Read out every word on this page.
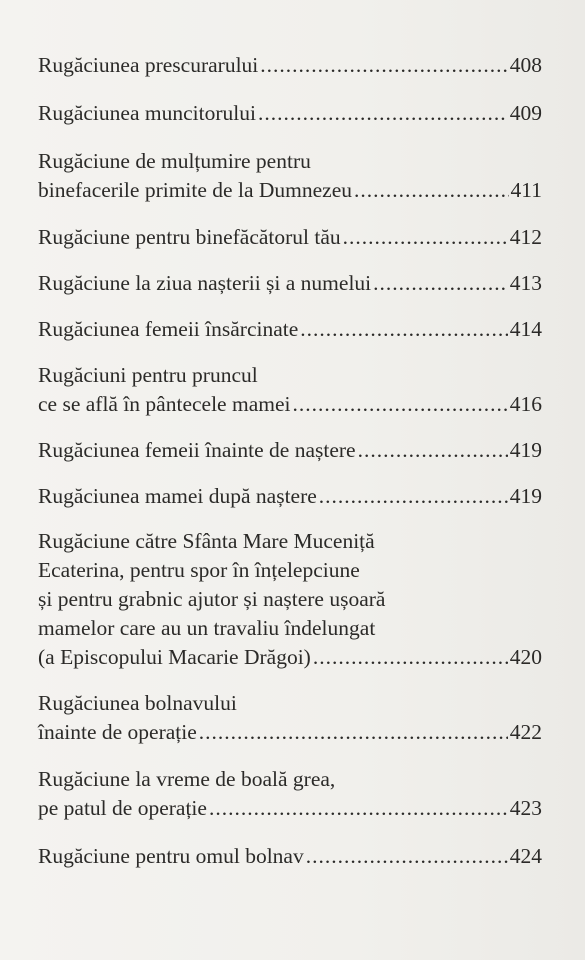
Rugăciunea prescurarului .....	408
Rugăciunea muncitorului .....	409
Rugăciune de mulțumire pentru
binefacerile primite de la Dumnezeu .....	411
Rugăciune pentru binefăcătorul tău .....	412
Rugăciune la ziua nașterii și a numelui .....	413
Rugăciunea femeii însărcinate .....	414
Rugăciuni pentru pruncul
ce se află în pântecele mamei .....	416
Rugăciunea femeii înainte de naștere .....	419
Rugăciunea mamei după naștere .....	419
Rugăciune către Sfânta Mare Muceniță
Ecaterina, pentru spor în înțelepciune
și pentru grabnic ajutor și naștere ușoară
mamelor care au un travaliu îndelungat
(a Episcopului Macarie Drăgoi) .....	420
Rugăciunea bolnavului
înainte de operație .....	422
Rugăciune la vreme de boală grea,
pe patul de operație .....	423
Rugăciune pentru omul bolnav .....	424
